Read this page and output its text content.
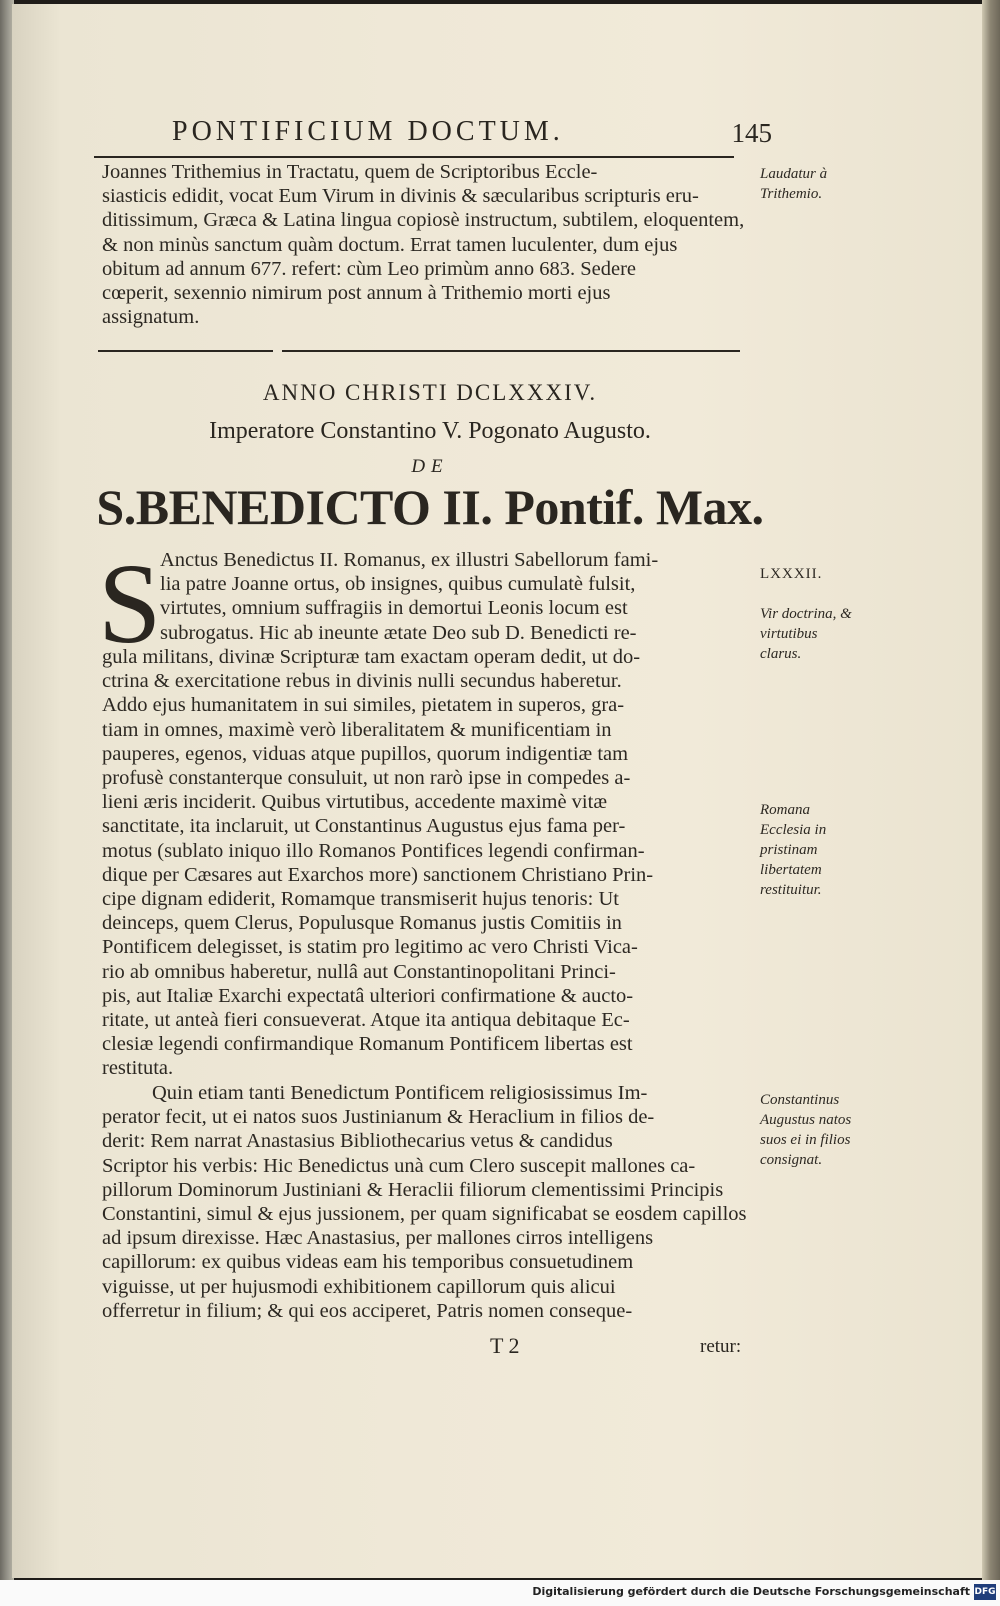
PONTIFICIUM DOCTUM.	145

Joannes Trithemius in Tractatu, quem de Scriptoribus Eccle-

siasticis edidit, vocat Eum Virum in divinis & sæcularibus scripturis eru-

ditissimum, Græca & Latina lingua copiosè instructum, subtilem, eloquentem,

& non minùs sanctum quàm doctum. Errat tamen luculenter, dum ejus

obitum ad annum 677. refert: cùm Leo primùm anno 683. Sedere

cœperit, sexennio nimirum post annum à Trithemio morti ejus

assignatum.

Laudatur à Trithemio.
ANNO CHRISTI DCLXXXIV.
Imperatore Constantino V. Pogonato Augusto.
DE
S.BENEDICTO II. Pontif. Max.
S

Anctus Benedictus II. Romanus, ex illustri Sabellorum fami-

lia patre Joanne ortus, ob insignes, quibus cumulatè fulsit,

virtutes, omnium suffragiis in demortui Leonis locum est

subrogatus. Hic ab ineunte ætate Deo sub D. Benedicti re-

gula militans, divinæ Scripturæ tam exactam operam dedit, ut do-

ctrina & exercitatione rebus in divinis nulli secundus haberetur.

Addo ejus humanitatem in sui similes, pietatem in superos, gra-

tiam in omnes, maximè verò liberalitatem & munificentiam in

pauperes, egenos, viduas atque pupillos, quorum indigentiæ tam

profusè constanterque consuluit, ut non rarò ipse in compedes a-

lieni æris inciderit. Quibus virtutibus, accedente maximè vitæ

sanctitate, ita inclaruit, ut Constantinus Augustus ejus fama per-

motus (sublato iniquo illo Romanos Pontifices legendi confirman-

dique per Cæsares aut Exarchos more) sanctionem Christiano Prin-

cipe dignam ediderit, Romamque transmiserit hujus tenoris: Ut

deinceps, quem Clerus, Populusque Romanus justis Comitiis in

Pontificem delegisset, is statim pro legitimo ac vero Christi Vica-

rio ab omnibus haberetur, nullâ aut Constantinopolitani Princi-

pis, aut Italiæ Exarchi expectatâ ulteriori confirmatione & aucto-

ritate, ut anteà fieri consueverat. Atque ita antiqua debitaque Ec-

clesiæ legendi confirmandique Romanum Pontificem libertas est

restituta.

Quin etiam tanti Benedictum Pontificem religiosissimus Im-

perator fecit, ut ei natos suos Justinianum & Heraclium in filios de-

derit: Rem narrat Anastasius Bibliothecarius vetus & candidus

Scriptor his verbis: Hic Benedictus unà cum Clero suscepit mallones ca-

pillorum Dominorum Justiniani & Heraclii filiorum clementissimi Principis

Constantini, simul & ejus jussionem, per quam significabat se eosdem capillos

ad ipsum direxisse. Hæc Anastasius, per mallones cirros intelligens

capillorum: ex quibus videas eam his temporibus consuetudinem

viguisse, ut per hujusmodi exhibitionem capillorum quis alicui

offerretur in filium; & qui eos acciperet, Patris nomen conseque-

LXXXII.
Vir doctrina, & virtutibus clarus.
Romana Ecclesia in pristinam libertatem restituitur.
Constantinus Augustus natos suos ei in filios consignat.
T 2	retur:
Digitalisierung gefördert durch die Deutsche Forschungsgemeinschaft DFG
